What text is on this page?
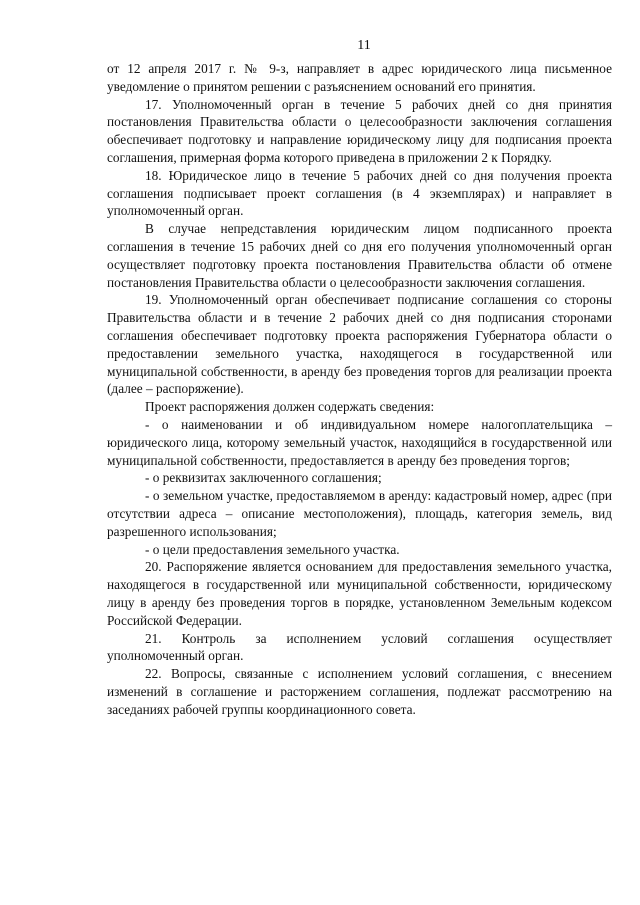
11

от 12 апреля 2017 г. № 9-з, направляет в адрес юридического лица письменное уведомление о принятом решении с разъяснением оснований его принятия.

17. Уполномоченный орган в течение 5 рабочих дней со дня принятия постановления Правительства области о целесообразности заключения соглашения обеспечивает подготовку и направление юридическому лицу для подписания проекта соглашения, примерная форма которого приведена в приложении 2 к Порядку.

18. Юридическое лицо в течение 5 рабочих дней со дня получения проекта соглашения подписывает проект соглашения (в 4 экземплярах) и направляет в уполномоченный орган.

В случае непредставления юридическим лицом подписанного проекта соглашения в течение 15 рабочих дней со дня его получения уполномоченный орган осуществляет подготовку проекта постановления Правительства области об отмене постановления Правительства области о целесообразности заключения соглашения.

19. Уполномоченный орган обеспечивает подписание соглашения со стороны Правительства области и в течение 2 рабочих дней со дня подписания сторонами соглашения обеспечивает подготовку проекта распоряжения Губернатора области о предоставлении земельного участка, находящегося в государственной или муниципальной собственности, в аренду без проведения торгов для реализации проекта (далее – распоряжение).

Проект распоряжения должен содержать сведения:

- о наименовании и об индивидуальном номере налогоплательщика – юридического лица, которому земельный участок, находящийся в государственной или муниципальной собственности, предоставляется в аренду без проведения торгов;

- о реквизитах заключенного соглашения;

- о земельном участке, предоставляемом в аренду: кадастровый номер, адрес (при отсутствии адреса – описание местоположения), площадь, категория земель, вид разрешенного использования;

- о цели предоставления земельного участка.

20. Распоряжение является основанием для предоставления земельного участка, находящегося в государственной или муниципальной собственности, юридическому лицу в аренду без проведения торгов в порядке, установленном Земельным кодексом Российской Федерации.

21. Контроль за исполнением условий соглашения осуществляет уполномоченный орган.

22. Вопросы, связанные с исполнением условий соглашения, с внесением изменений в соглашение и расторжением соглашения, подлежат рассмотрению на заседаниях рабочей группы координационного совета.
